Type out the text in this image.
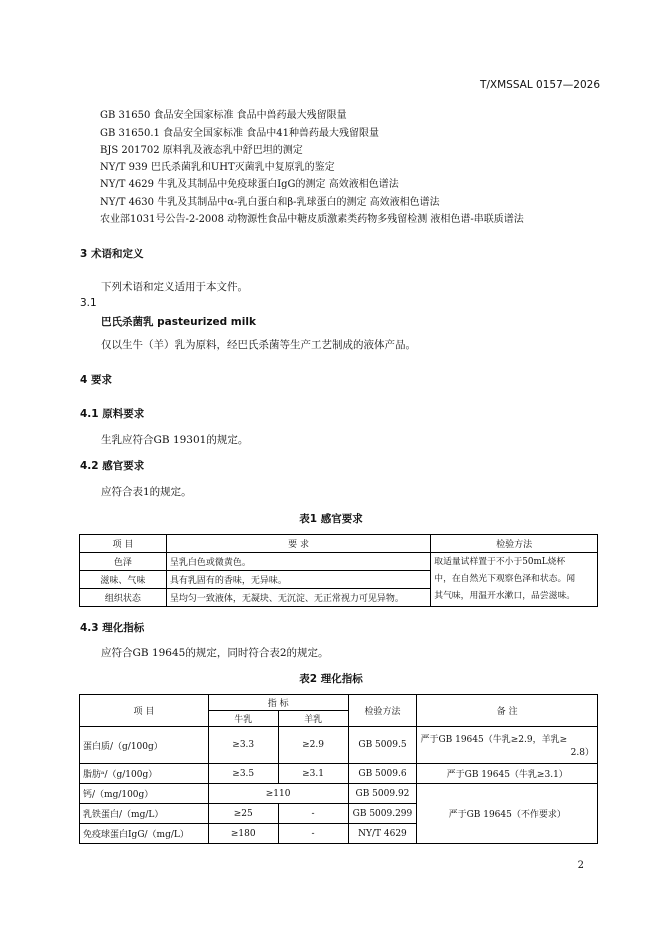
T/XMSSAL 0157—2026
GB 31650 食品安全国家标准 食品中兽药最大残留限量
GB 31650.1 食品安全国家标准 食品中41种兽药最大残留限量
BJS 201702 原料乳及液态乳中舒巴坦的测定
NY/T 939 巴氏杀菌乳和UHT灭菌乳中复原乳的鉴定
NY/T 4629 牛乳及其制品中免疫球蛋白IgG的测定 高效液相色谱法
NY/T 4630 牛乳及其制品中α-乳白蛋白和β-乳球蛋白的测定 高效液相色谱法
农业部1031号公告-2-2008 动物源性食品中糖皮质激素类药物多残留检测 液相色谱-串联质谱法
3 术语和定义
下列术语和定义适用于本文件。
3.1
巴氏杀菌乳 pasteurized milk
仅以生牛（羊）乳为原料，经巴氏杀菌等生产工艺制成的液体产品。
4 要求
4.1 原料要求
生乳应符合GB 19301的规定。
4.2 感官要求
应符合表1的规定。
表1 感官要求
项 目	要 求	检验方法
色泽	呈乳白色或微黄色。	取适量试样置于不小于50mL烧杯
中，在自然光下观察色泽和状态。闻
其气味，用温开水漱口，品尝滋味。

滋味、气味	具有乳固有的香味，无异味。	
组织状态	呈均匀一致液体，无凝块、无沉淀、无正常视力可见异物。	
4.3 理化指标
应符合GB 19645的规定，同时符合表2的规定。
表2 理化指标
项 目	指 标		检验方法	备 注
	牛乳	羊乳		
蛋白质/（g/100g）	≥3.3	≥2.9	GB 5009.5	严于GB 19645（牛乳≥2.9，羊乳≥
2.8）

脂肪ᵃ/（g/100g）	≥3.5	≥3.1	GB 5009.6	严于GB 19645（牛乳≥3.1）
钙/（mg/100g）	≥110		GB 5009.92	严于GB 19645（不作要求）
乳铁蛋白/（mg/L）	≥25	-	GB 5009.299	
免疫球蛋白IgG/（mg/L）	≥180	-	NY/T 4629	
2
